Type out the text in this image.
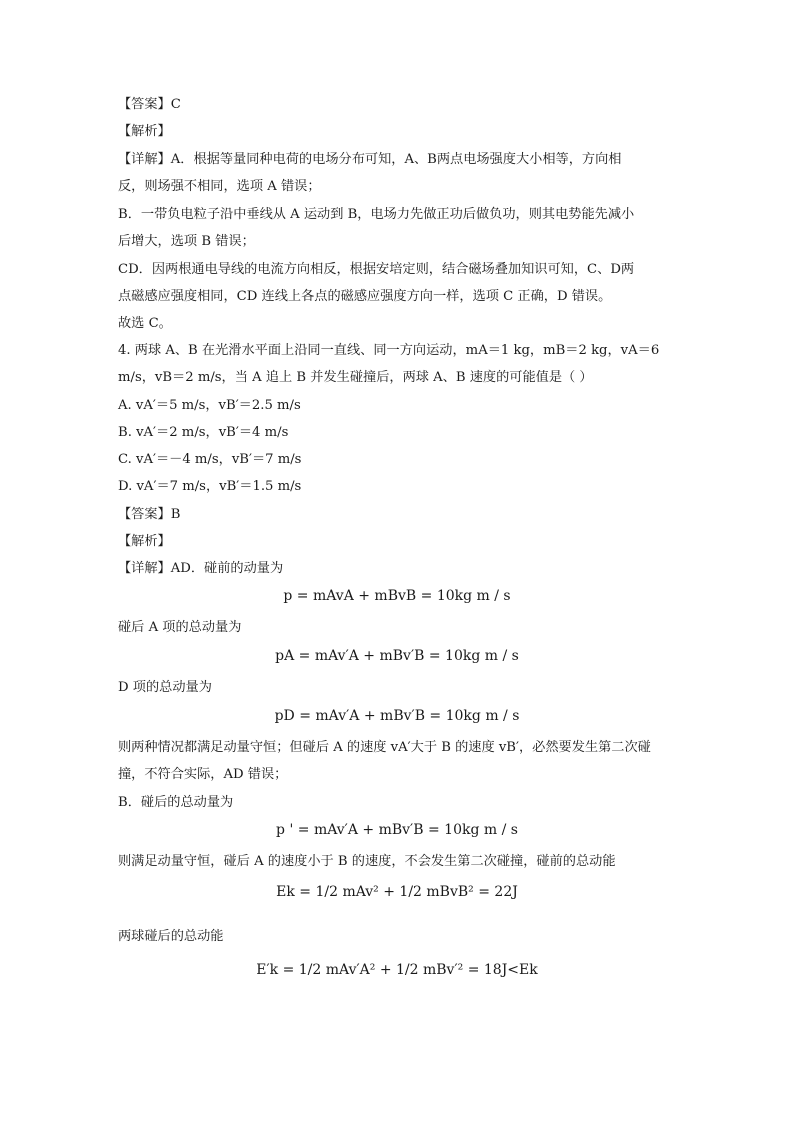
【答案】C
【解析】
【详解】A．根据等量同种电荷的电场分布可知，A、B两点电场强度大小相等，方向相
反，则场强不相同，选项 A 错误；
B．一带负电粒子沿中垂线从 A 运动到 B，电场力先做正功后做负功，则其电势能先减小
后增大，选项 B 错误；
CD．因两根通电导线的电流方向相反，根据安培定则，结合磁场叠加知识可知，C、D两
点磁感应强度相同，CD 连线上各点的磁感应强度方向一样，选项 C 正确，D 错误。
故选 C。
4. 两球 A、B 在光滑水平面上沿同一直线、同一方向运动，mA＝1 kg，mB＝2 kg，vA＝6
m/s，vB＝2 m/s，当 A 追上 B 并发生碰撞后，两球 A、B 速度的可能值是（ ）
A. vA′＝5 m/s，vB′＝2.5 m/s
B. vA′＝2 m/s，vB′＝4 m/s
C. vA′＝－4 m/s，vB′＝7 m/s
D. vA′＝7 m/s，vB′＝1.5 m/s
【答案】B
【解析】
【详解】AD．碰前的动量为
p = mAvA + mBvB = 10kg m / s
碰后 A 项的总动量为
pA = mAv′A + mBv′B = 10kg m / s
D 项的总动量为
pD = mAv′A + mBv′B = 10kg m / s
则两种情况都满足动量守恒；但碰后 A 的速度 vA′大于 B 的速度 vB′，必然要发生第二次碰
撞，不符合实际，AD 错误；
B．碰后的总动量为
p ' = mAv′A + mBv′B = 10kg m / s
则满足动量守恒，碰后 A 的速度小于 B 的速度，不会发生第二次碰撞，碰前的总动能
Ek = 1/2 mAv² + 1/2 mBvB² = 22J
两球碰后的总动能
E′k = 1/2 mAv′A² + 1/2 mBv′² = 18J<Ek
